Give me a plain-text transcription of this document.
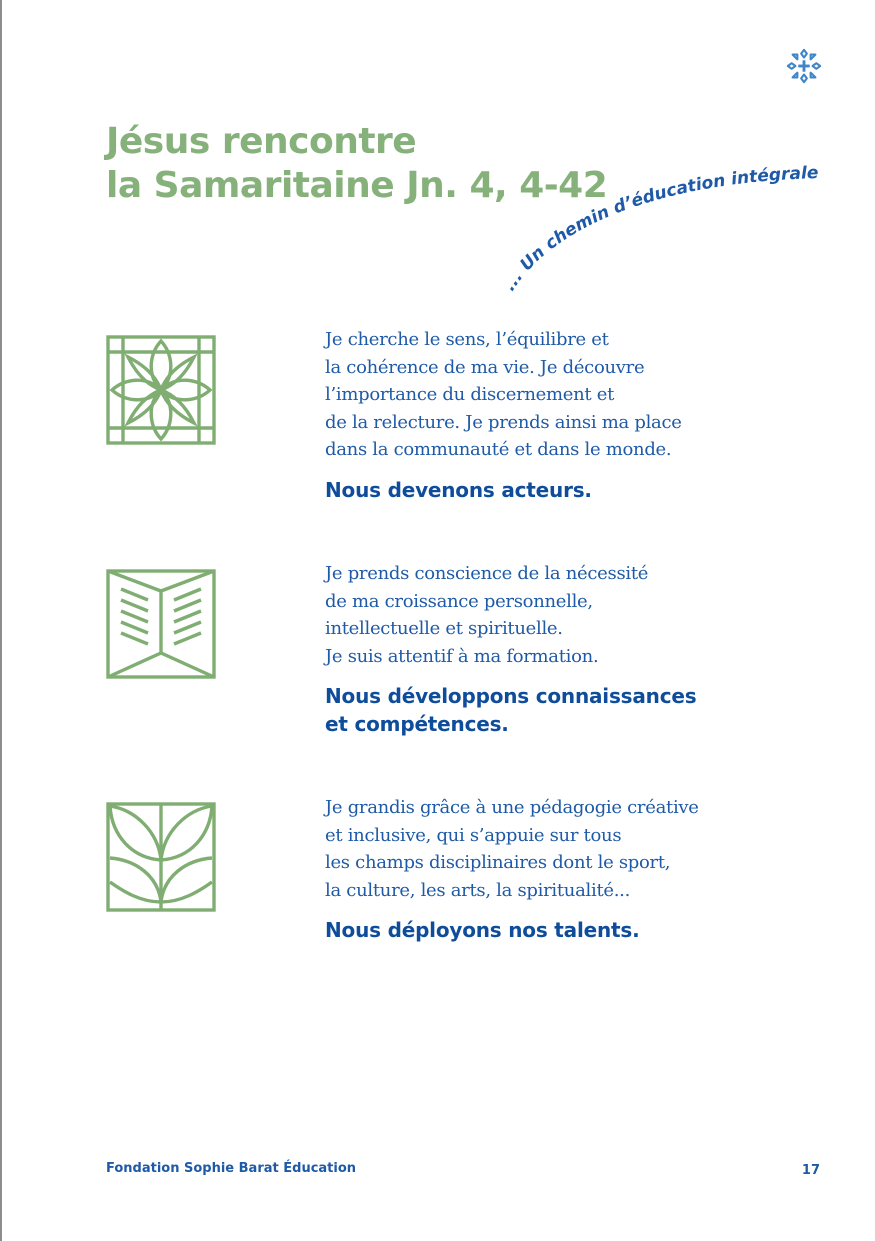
Jésus rencontre
la Samaritaine Jn. 4, 4-42
... Un chemin d’éducation intégrale

Je cherche le sens, l’équilibre et
la cohérence de ma vie. Je découvre
l’importance du discernement et
de la relecture. Je prends ainsi ma place
dans la communauté et dans le monde.

Nous devenons acteurs.

Je prends conscience de la nécessité
de ma croissance personnelle,
intellectuelle et spirituelle.
Je suis attentif à ma formation.

Nous développons connaissances
et compétences.

Je grandis grâce à une pédagogie créative
et inclusive, qui s’appuie sur tous
les champs disciplinaires dont le sport,
la culture, les arts, la spiritualité...

Nous déployons nos talents.

Fondation Sophie Barat Éducation	17
